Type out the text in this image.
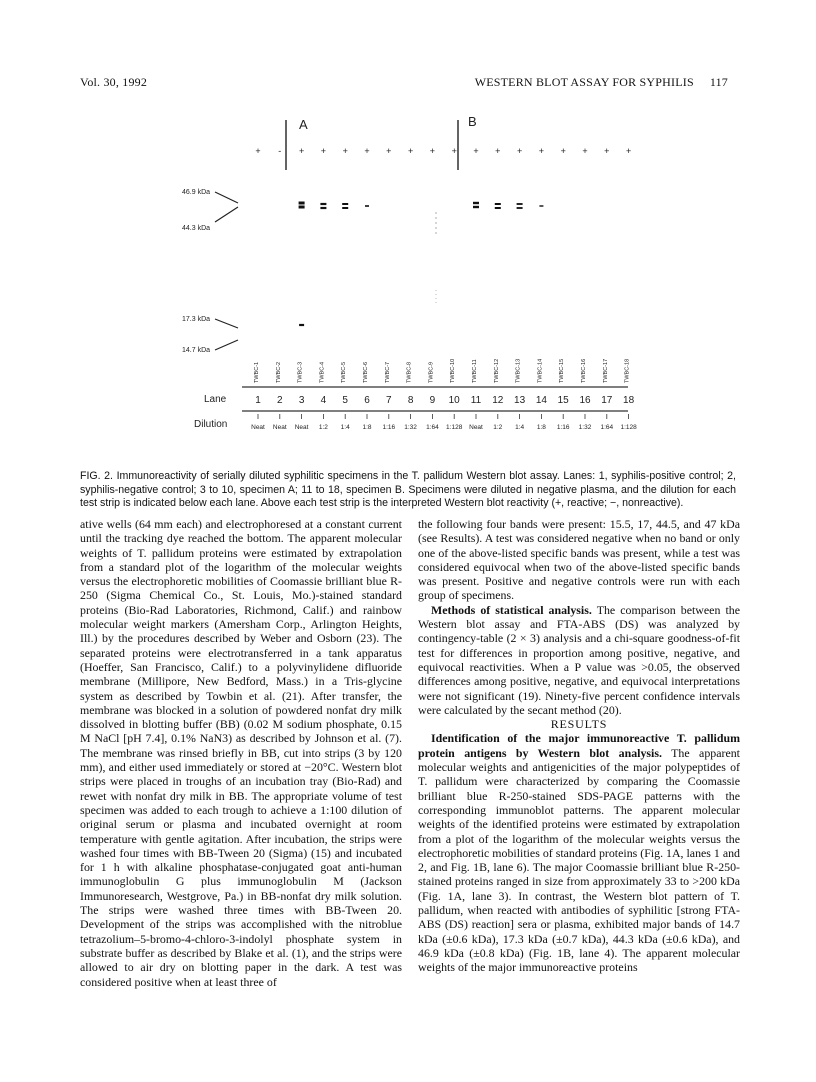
Vol. 30, 1992	WESTERN BLOT ASSAY FOR SYPHILIS 117
A	B
46.9 kDa
44.3 kDa
17.3 kDa
14.7 kDa
Lane
Dilution
+ - + + + + + + + + + + + + + + + +
TWBC-1	TWBC-2	TWBC-3	TWBC-4	TWBC-5	TWBC-6	TWBC-7	TWBC-8	TWBC-9	TWBC-10	TWBC-11	TWBC-12	TWBC-13	TWBC-14	TWBC-15	TWBC-16	TWBC-17	TWBC-18
1 2 3 4 5 6 7 8 9 10 11 12 13 14 15 16 17 18
Neat Neat Neat 1:2 1:4 1:8 1:16 1:32 1:64 1:128 Neat 1:2 1:4 1:8 1:16 1:32 1:64 1:128
FIG. 2. Immunoreactivity of serially diluted syphilitic specimens in the T. pallidum Western blot assay. Lanes: 1, syphilis-positive control; 2, syphilis-negative control; 3 to 10, specimen A; 11 to 18, specimen B. Specimens were diluted in negative plasma, and the dilution for each test strip is indicated below each lane. Above each test strip is the interpreted Western blot reactivity (+, reactive; −, nonreactive).

ative wells (64 mm each) and electrophoresed at a constant current until the tracking dye reached the bottom. The apparent molecular weights of T. pallidum proteins were estimated by extrapolation from a standard plot of the logarithm of the molecular weights versus the electrophoretic mobilities of Coomassie brilliant blue R-250 (Sigma Chemical Co., St. Louis, Mo.)-stained standard proteins (Bio-Rad Laboratories, Richmond, Calif.) and rainbow molecular weight markers (Amersham Corp., Arlington Heights, Ill.) by the procedures described by Weber and Osborn (23). The separated proteins were electrotransferred in a tank apparatus (Hoeffer, San Francisco, Calif.) to a polyvinylidene difluoride membrane (Millipore, New Bedford, Mass.) in a Tris-glycine system as described by Towbin et al. (21). After transfer, the membrane was blocked in a solution of powdered nonfat dry milk dissolved in blotting buffer (BB) (0.02 M sodium phosphate, 0.15 M NaCl [pH 7.4], 0.1% NaN3) as described by Johnson et al. (7). The membrane was rinsed briefly in BB, cut into strips (3 by 120 mm), and either used immediately or stored at −20°C. Western blot strips were placed in troughs of an incubation tray (Bio-Rad) and rewet with nonfat dry milk in BB. The appropriate volume of test specimen was added to each trough to achieve a 1:100 dilution of original serum or plasma and incubated overnight at room temperature with gentle agitation. After incubation, the strips were washed four times with BB-Tween 20 (Sigma) (15) and incubated for 1 h with alkaline phosphatase-conjugated goat anti-human immunoglobulin G plus immunoglobulin M (Jackson Immunoresearch, Westgrove, Pa.) in BB-nonfat dry milk solution. The strips were washed three times with BB-Tween 20. Development of the strips was accomplished with the nitroblue tetrazolium–5-bromo-4-chloro-3-indolyl phosphate system in substrate buffer as described by Blake et al. (1), and the strips were allowed to air dry on blotting paper in the dark. A test was considered positive when at least three of

the following four bands were present: 15.5, 17, 44.5, and 47 kDa (see Results). A test was considered negative when no band or only one of the above-listed specific bands was present, while a test was considered equivocal when two of the above-listed specific bands was present. Positive and negative controls were run with each group of specimens.

Methods of statistical analysis. The comparison between the Western blot assay and FTA-ABS (DS) was analyzed by contingency-table (2 × 3) analysis and a chi-square goodness-of-fit test for differences in proportion among positive, negative, and equivocal reactivities. When a P value was >0.05, the observed differences among positive, negative, and equivocal interpretations were not significant (19). Ninety-five percent confidence intervals were calculated by the secant method (20).

RESULTS

Identification of the major immunoreactive T. pallidum protein antigens by Western blot analysis. The apparent molecular weights and antigenicities of the major polypeptides of T. pallidum were characterized by comparing the Coomassie brilliant blue R-250-stained SDS-PAGE patterns with the corresponding immunoblot patterns. The apparent molecular weights of the identified proteins were estimated by extrapolation from a plot of the logarithm of the molecular weights versus the electrophoretic mobilities of standard proteins (Fig. 1A, lanes 1 and 2, and Fig. 1B, lane 6). The major Coomassie brilliant blue R-250-stained proteins ranged in size from approximately 33 to >200 kDa (Fig. 1A, lane 3). In contrast, the Western blot pattern of T. pallidum, when reacted with antibodies of syphilitic [strong FTA-ABS (DS) reaction] sera or plasma, exhibited major bands of 14.7 kDa (±0.6 kDa), 17.3 kDa (±0.7 kDa), 44.3 kDa (±0.6 kDa), and 46.9 kDa (±0.8 kDa) (Fig. 1B, lane 4). The apparent molecular weights of the major immunoreactive proteins
